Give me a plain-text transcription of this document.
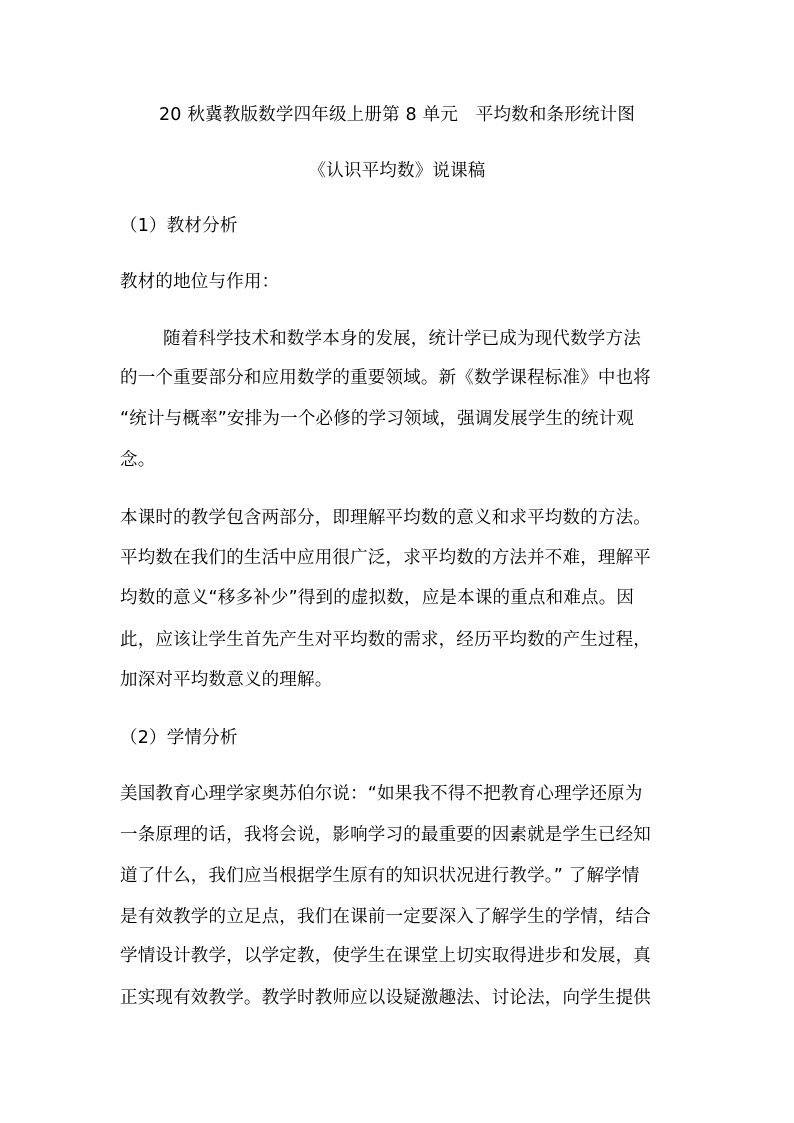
20 秋冀教版数学四年级上册第 8 单元　平均数和条形统计图
《认识平均数》说课稿
（1）教材分析
教材的地位与作用：
随着科学技术和数学本身的发展，统计学已成为现代数学方法
的一个重要部分和应用数学的重要领域。新《数学课程标准》中也将
“统计与概率”安排为一个必修的学习领域，强调发展学生的统计观
念。
本课时的教学包含两部分，即理解平均数的意义和求平均数的方法。
平均数在我们的生活中应用很广泛，求平均数的方法并不难，理解平
均数的意义“移多补少”得到的虚拟数，应是本课的重点和难点。因
此，应该让学生首先产生对平均数的需求，经历平均数的产生过程，
加深对平均数意义的理解。
（2）学情分析
美国教育心理学家奥苏伯尔说：“如果我不得不把教育心理学还原为
一条原理的话，我将会说，影响学习的最重要的因素就是学生已经知
道了什么，我们应当根据学生原有的知识状况进行教学。” 了解学情
是有效教学的立足点，我们在课前一定要深入了解学生的学情，结合
学情设计教学，以学定教，使学生在课堂上切实取得进步和发展，真
正实现有效教学。教学时教师应以设疑激趣法、讨论法，向学生提供
